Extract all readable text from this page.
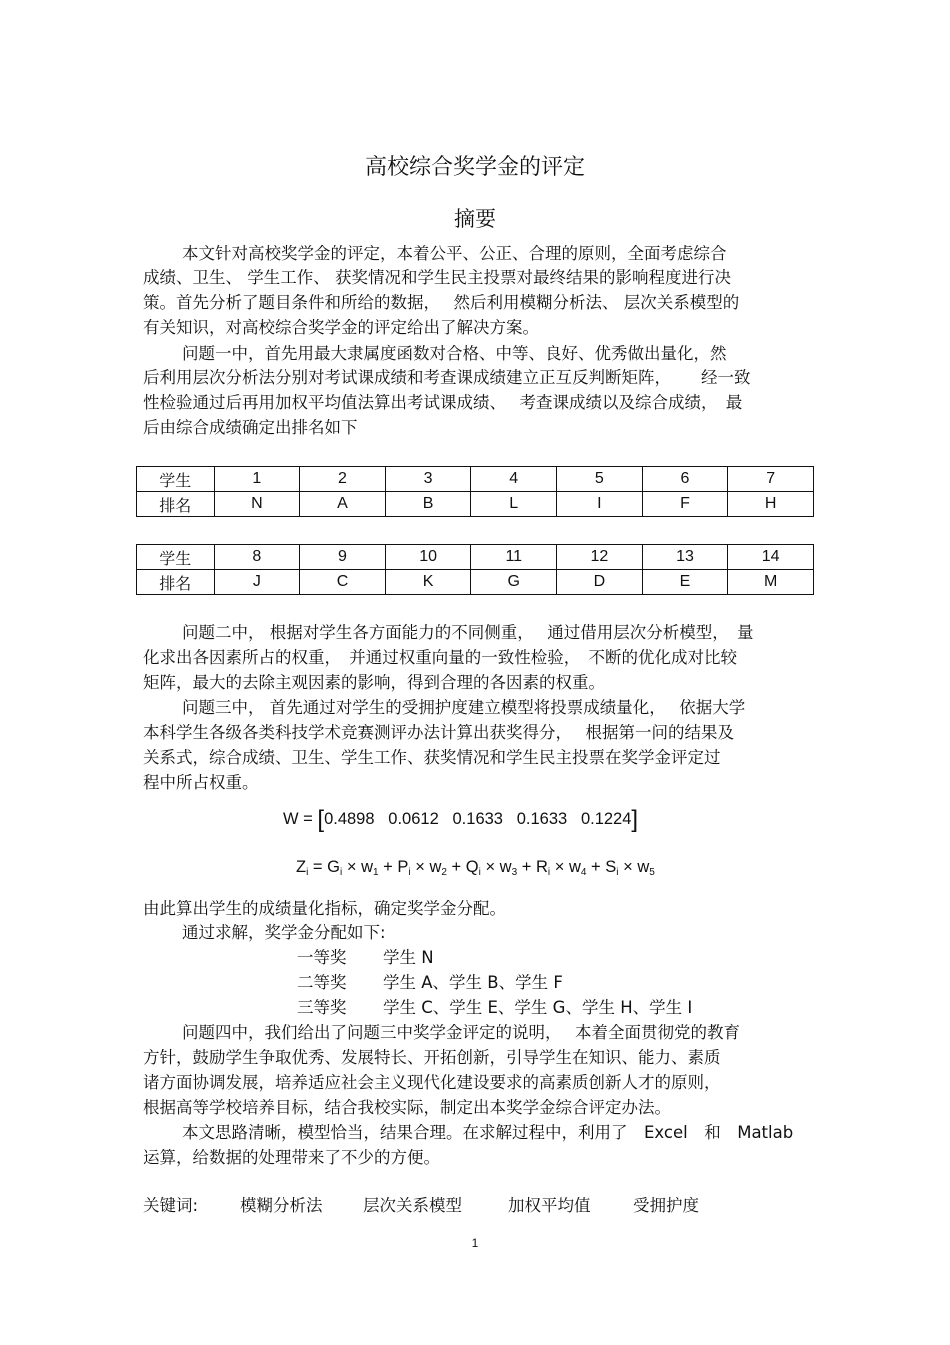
高校综合奖学金的评定
摘要
本文针对高校奖学金的评定，本着公平、公正、合理的原则，全面考虑综合
成绩、卫生、 学生工作、 获奖情况和学生民主投票对最终结果的影响程度进行决
策。首先分析了题目条件和所给的数据，　 然后利用模糊分析法、 层次关系模型的
有关知识，对高校综合奖学金的评定给出了解决方案。
问题一中，首先用最大隶属度函数对合格、中等、良好、优秀做出量化，然
后利用层次分析法分别对考试课成绩和考查课成绩建立正互反判断矩阵，　　 经一致
性检验通过后再用加权平均值法算出考试课成绩、　 考查课成绩以及综合成绩，　最
后由综合成绩确定出排名如下
学生	1	2	3	4	5	6	7
排名	N	A	B	L	I	F	H
学生	8	9	10	11	12	13	14
排名	J	C	K	G	D	E	M
问题二中， 根据对学生各方面能力的不同侧重，　 通过借用层次分析模型，　量
化求出各因素所占的权重，　并通过权重向量的一致性检验，　不断的优化成对比较
矩阵，最大的去除主观因素的影响，得到合理的各因素的权重。
问题三中， 首先通过对学生的受拥护度建立模型将投票成绩量化，　 依据大学
本科学生各级各类科技学术竞赛测评办法计算出获奖得分，　 根据第一问的结果及
关系式，综合成绩、卫生、学生工作、获奖情况和学生民主投票在奖学金评定过
程中所占权重。
W = [0.4898   0.0612   0.1633   0.1633   0.1224]
$Z_i = G_i \times w_1 + P_i \times w_2 + Q_i \times w_3 + R_i \times w_4 + S_i \times w_5$
由此算出学生的成绩量化指标，确定奖学金分配。
通过求解，奖学金分配如下:
一等奖 学生 N
二等奖 学生 A、学生 B、学生 F
三等奖 学生 C、学生 E、学生 G、学生 H、学生 I
问题四中，我们给出了问题三中奖学金评定的说明，　 本着全面贯彻党的教育
方针，鼓励学生争取优秀、发展特长、开拓创新，引导学生在知识、能力、素质
诸方面协调发展，培养适应社会主义现代化建设要求的高素质创新人才的原则，
根据高等学校培养目标，结合我校实际，制定出本奖学金综合评定办法。
本文思路清晰，模型恰当，结果合理。在求解过程中，利用了　Excel　和　Matlab
运算，给数据的处理带来了不少的方便。
关键词:	模糊分析法 层次关系模型	加权平均值	受拥护度
1
